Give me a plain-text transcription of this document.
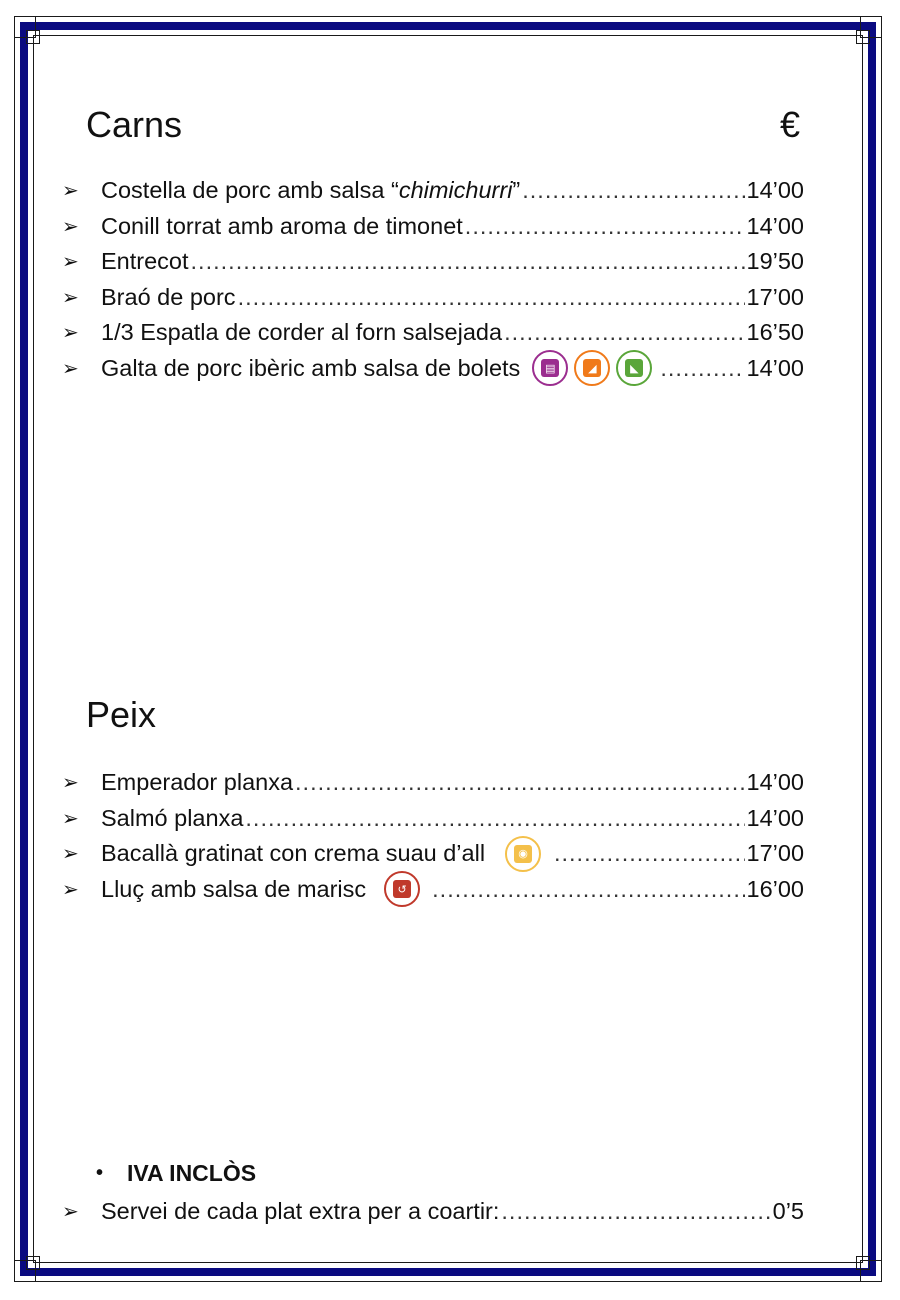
Carns	€
➢ Costella de porc amb salsa “chimichurri” .....	14’00
➢ Conill torrat amb aroma de timonet .....	14’00
➢ Entrecot .....	19’50
➢ Braó de porc .....	17’00
➢ 1/3 Espatla de corder al forn salsejada .....	16’50
➢ Galta de porc ibèric amb salsa de bolets	▤	◢	◣ .....	14’00
Peix
➢ Emperador planxa .....	14’00
➢ Salmó planxa .....	14’00
➢ Bacallà gratinat con crema suau d’all	◉ .....	17’00
➢ Lluç amb salsa de marisc	↺ .....	16’00
• IVA INCLÒS
➢ Servei de cada plat extra per a coartir: .....	0’5
